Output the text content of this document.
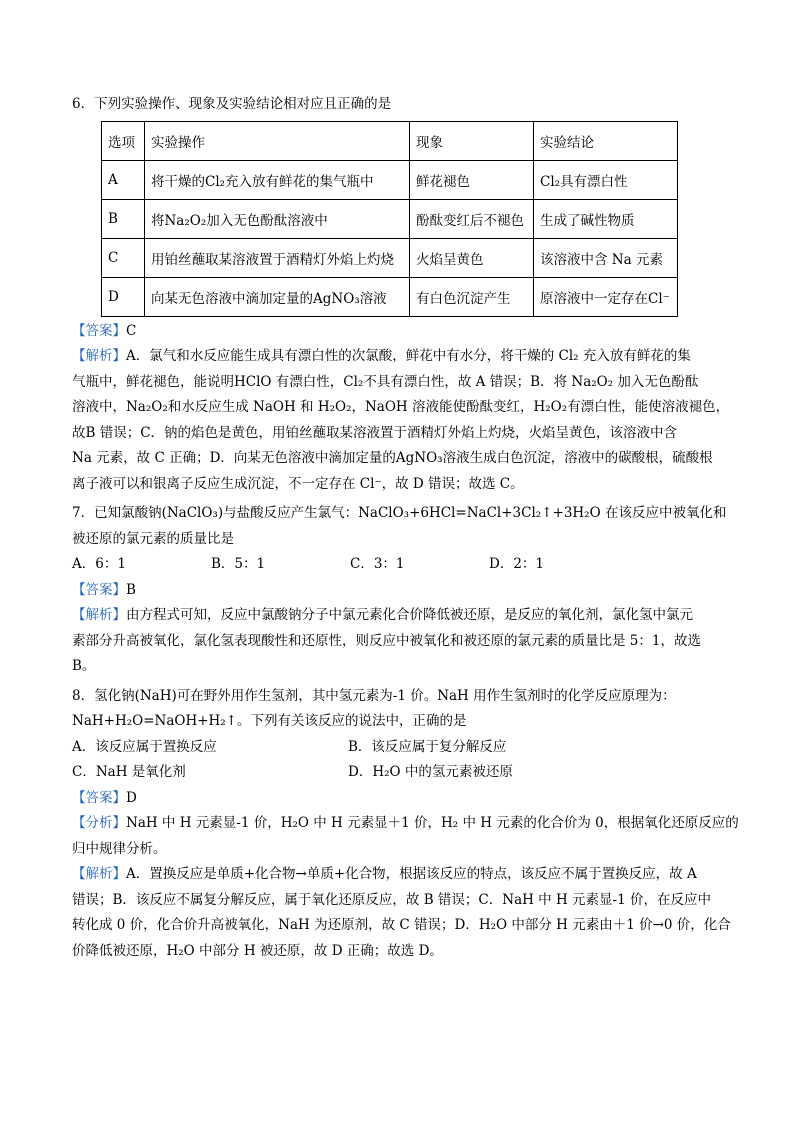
6．下列实验操作、现象及实验结论相对应且正确的是
选项	实验操作	现象	实验结论
A	将干燥的Cl₂充入放有鲜花的集气瓶中	鲜花褪色	Cl₂具有漂白性
B	将Na₂O₂加入无色酚酞溶液中	酚酞变红后不褪色	生成了碱性物质
C	用铂丝蘸取某溶液置于酒精灯外焰上灼烧	火焰呈黄色	该溶液中含 Na 元素
D	向某无色溶液中滴加定量的AgNO₃溶液	有白色沉淀产生	原溶液中一定存在Cl⁻
【答案】C
【解析】A．氯气和水反应能生成具有漂白性的次氯酸，鲜花中有水分，将干燥的 Cl₂ 充入放有鲜花的集
气瓶中，鲜花褪色，能说明HClO 有漂白性，Cl₂不具有漂白性，故 A 错误；B．将 Na₂O₂ 加入无色酚酞
溶液中，Na₂O₂和水反应生成 NaOH 和 H₂O₂，NaOH 溶液能使酚酞变红，H₂O₂有漂白性，能使溶液褪色，
故B 错误；C．钠的焰色是黄色，用铂丝蘸取某溶液置于酒精灯外焰上灼烧，火焰呈黄色，该溶液中含
Na 元素，故 C 正确；D．向某无色溶液中滴加定量的AgNO₃溶液生成白色沉淀，溶液中的碳酸根，硫酸根
离子液可以和银离子反应生成沉淀，不一定存在 Cl⁻，故 D 错误；故选 C。
7．已知氯酸钠(NaClO₃)与盐酸反应产生氯气：NaClO₃+6HCl=NaCl+3Cl₂↑+3H₂O 在该反应中被氧化和
被还原的氯元素的质量比是
A．6：1	B．5：1	C．3：1	D．2：1
【答案】B
【解析】由方程式可知，反应中氯酸钠分子中氯元素化合价降低被还原，是反应的氧化剂，氯化氢中氯元
素部分升高被氧化，氯化氢表现酸性和还原性，则反应中被氧化和被还原的氯元素的质量比是 5：1，故选
B。
8．氢化钠(NaH)可在野外用作生氢剂，其中氢元素为-1 价。NaH 用作生氢剂时的化学反应原理为：
NaH+H₂O=NaOH+H₂↑。下列有关该反应的说法中，正确的是
A．该反应属于置换反应	B．该反应属于复分解反应
C．NaH 是氧化剂	D．H₂O 中的氢元素被还原
【答案】D
【分析】NaH 中 H 元素显-1 价，H₂O 中 H 元素显＋1 价，H₂ 中 H 元素的化合价为 0，根据氧化还原反应的
归中规律分析。
【解析】A．置换反应是单质+化合物→单质+化合物，根据该反应的特点，该反应不属于置换反应，故 A
错误；B．该反应不属复分解反应，属于氧化还原反应，故 B 错误；C．NaH 中 H 元素显-1 价，在反应中
转化成 0 价，化合价升高被氧化，NaH 为还原剂，故 C 错误；D．H₂O 中部分 H 元素由＋1 价→0 价，化合
价降低被还原，H₂O 中部分 H 被还原，故 D 正确；故选 D。
